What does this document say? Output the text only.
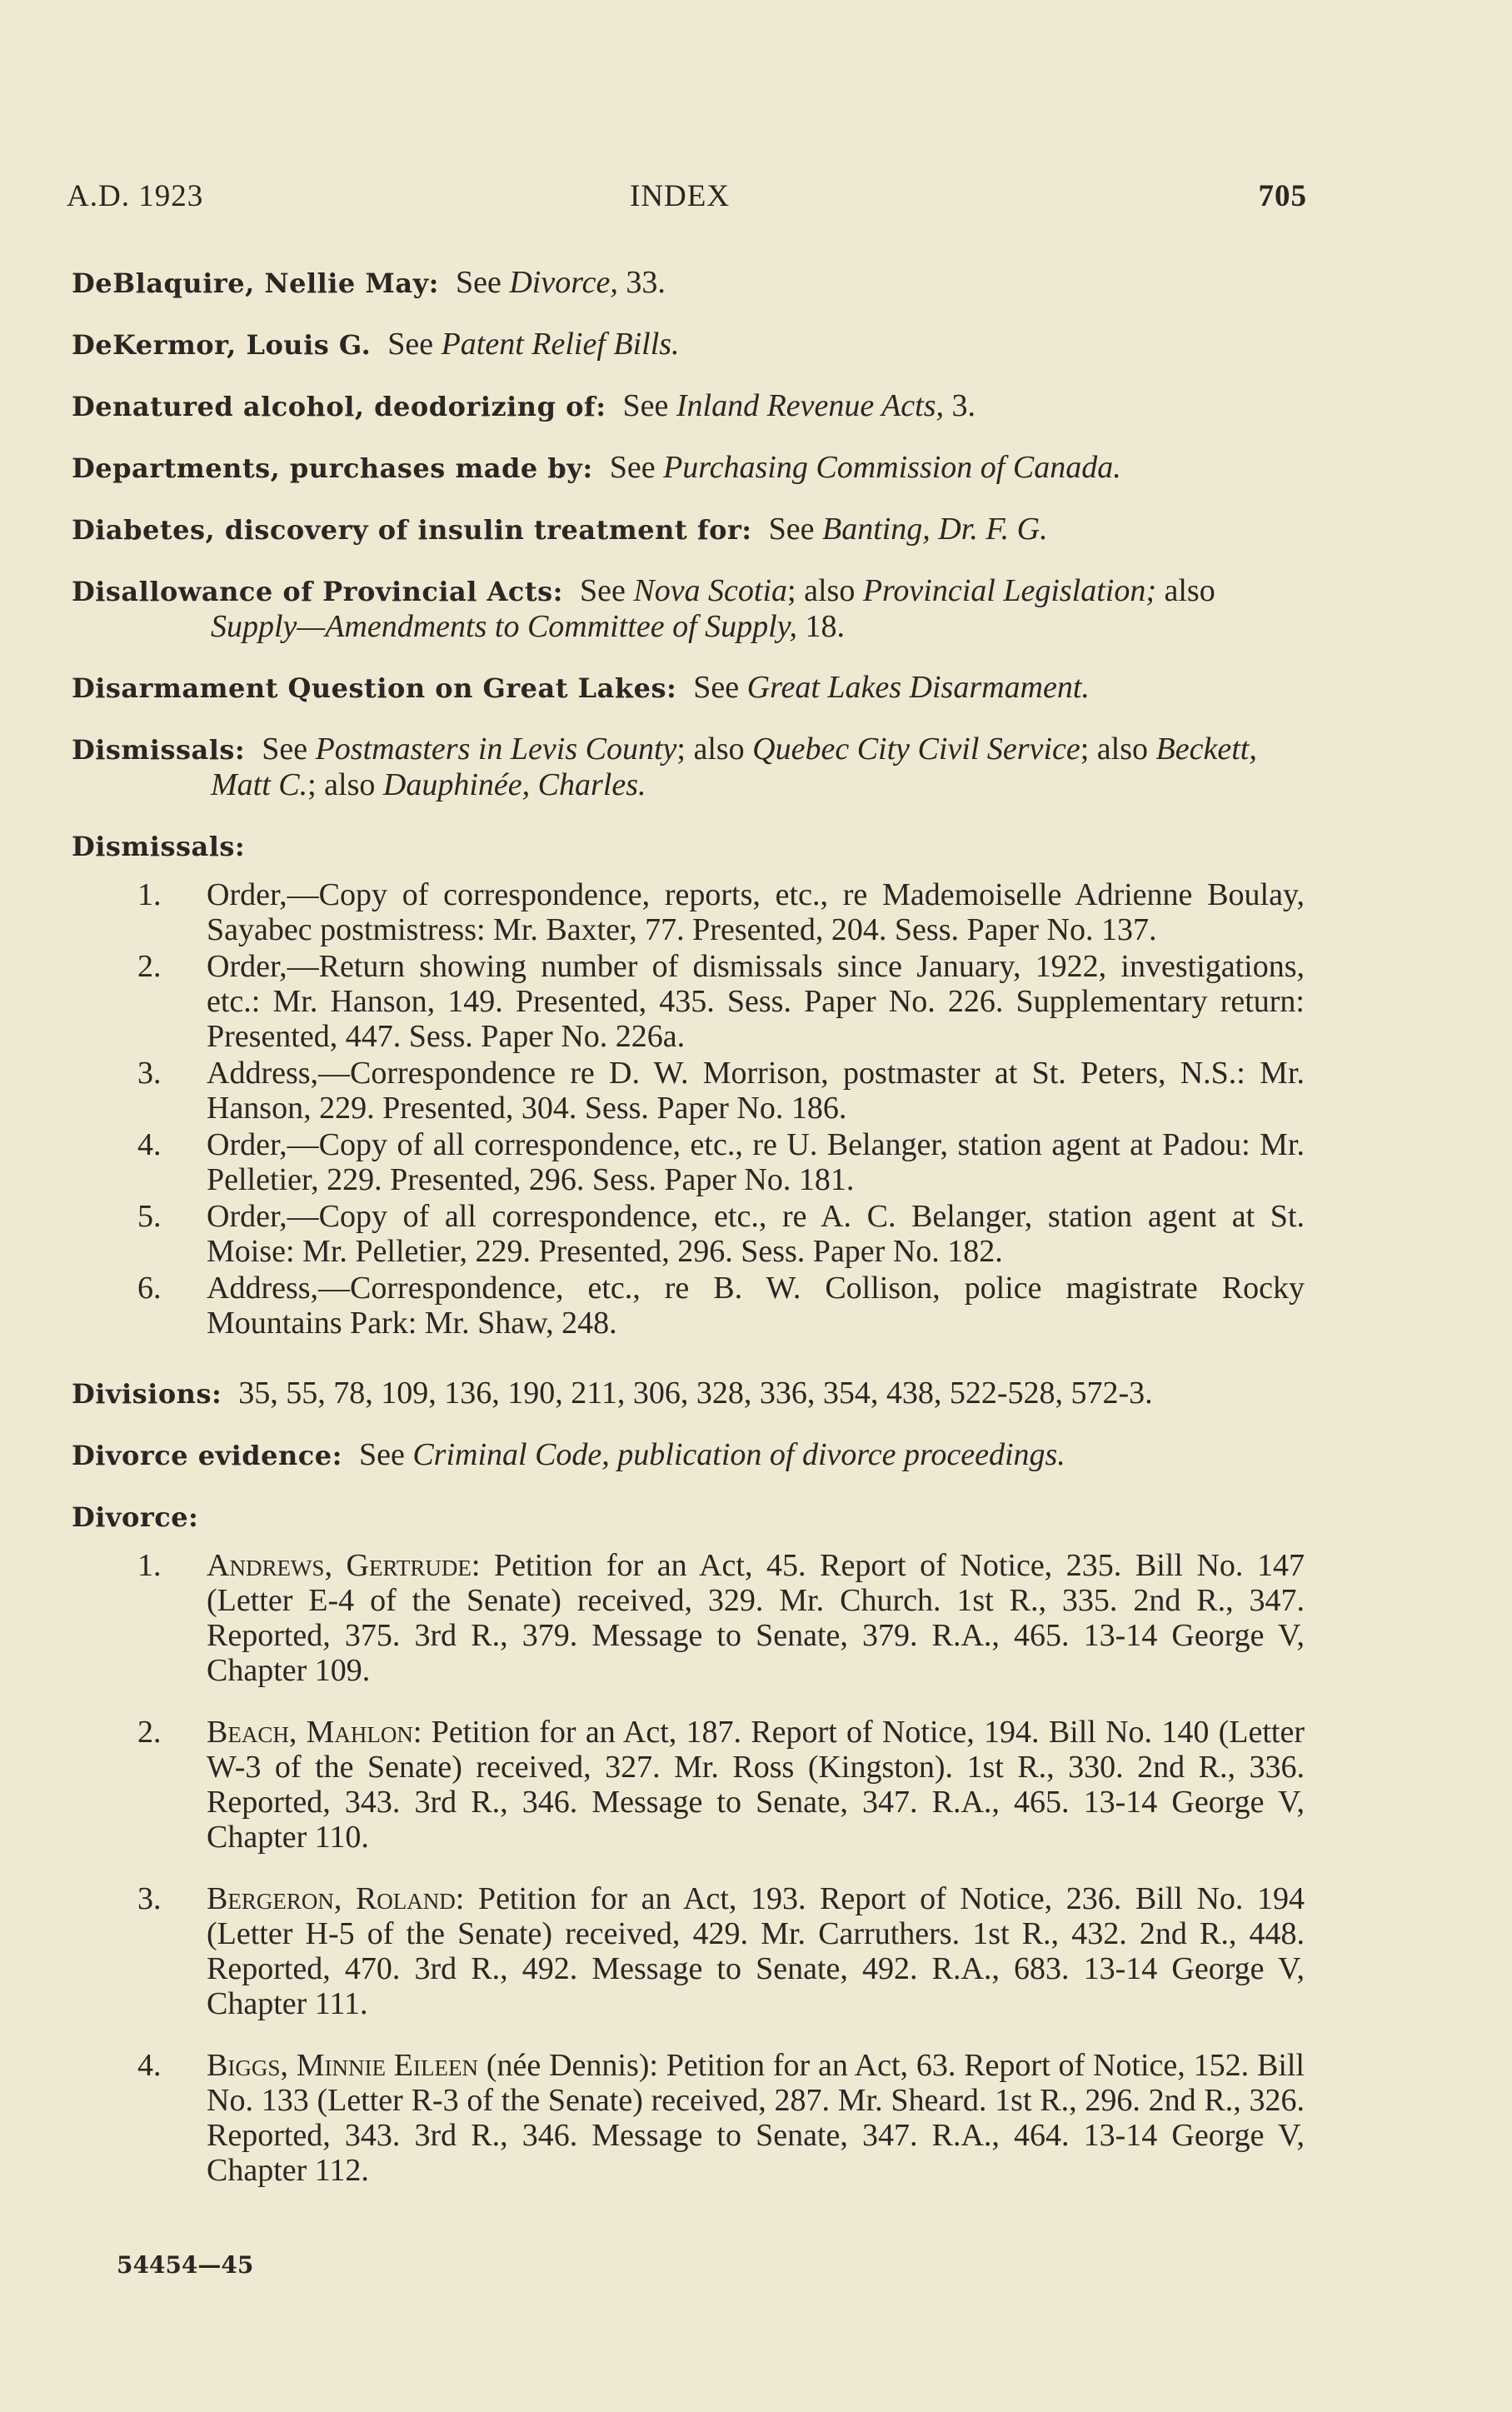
A.D. 1923	INDEX	705
DeBlaquire, Nellie May: See Divorce, 33.
DeKermor, Louis G. See Patent Relief Bills.
Denatured alcohol, deodorizing of: See Inland Revenue Acts, 3.
Departments, purchases made by: See Purchasing Commission of Canada.
Diabetes, discovery of insulin treatment for: See Banting, Dr. F. G.
Disallowance of Provincial Acts: See Nova Scotia; also Provincial Legislation; also Supply—Amendments to Committee of Supply, 18.
Disarmament Question on Great Lakes: See Great Lakes Disarmament.
Dismissals: See Postmasters in Levis County; also Quebec City Civil Service; also Beckett, Matt C.; also Dauphinée, Charles.
Dismissals:
1. Order,—Copy of correspondence, reports, etc., re Mademoiselle Adrienne Boulay, Sayabec postmistress: Mr. Baxter, 77. Presented, 204. Sess. Paper No. 137.
2. Order,—Return showing number of dismissals since January, 1922, investigations, etc.: Mr. Hanson, 149. Presented, 435. Sess. Paper No. 226. Supplementary return: Presented, 447. Sess. Paper No. 226a.
3. Address,—Correspondence re D. W. Morrison, postmaster at St. Peters, N.S.: Mr. Hanson, 229. Presented, 304. Sess. Paper No. 186.
4. Order,—Copy of all correspondence, etc., re U. Belanger, station agent at Padou: Mr. Pelletier, 229. Presented, 296. Sess. Paper No. 181.
5. Order,—Copy of all correspondence, etc., re A. C. Belanger, station agent at St. Moise: Mr. Pelletier, 229. Presented, 296. Sess. Paper No. 182.
6. Address,—Correspondence, etc., re B. W. Collison, police magistrate Rocky Mountains Park: Mr. Shaw, 248.
Divisions: 35, 55, 78, 109, 136, 190, 211, 306, 328, 336, 354, 438, 522-528, 572-3.
Divorce evidence: See Criminal Code, publication of divorce proceedings.
Divorce:
1. Andrews, Gertrude: Petition for an Act, 45. Report of Notice, 235. Bill No. 147 (Letter E-4 of the Senate) received, 329. Mr. Church. 1st R., 335. 2nd R., 347. Reported, 375. 3rd R., 379. Message to Senate, 379. R.A., 465. 13-14 George V, Chapter 109.
2. Beach, Mahlon: Petition for an Act, 187. Report of Notice, 194. Bill No. 140 (Letter W-3 of the Senate) received, 327. Mr. Ross (Kingston). 1st R., 330. 2nd R., 336. Reported, 343. 3rd R., 346. Message to Senate, 347. R.A., 465. 13-14 George V, Chapter 110.
3. Bergeron, Roland: Petition for an Act, 193. Report of Notice, 236. Bill No. 194 (Letter H-5 of the Senate) received, 429. Mr. Carruthers. 1st R., 432. 2nd R., 448. Reported, 470. 3rd R., 492. Message to Senate, 492. R.A., 683. 13-14 George V, Chapter 111.
4. Biggs, Minnie Eileen (née Dennis): Petition for an Act, 63. Report of Notice, 152. Bill No. 133 (Letter R-3 of the Senate) received, 287. Mr. Sheard. 1st R., 296. 2nd R., 326. Reported, 343. 3rd R., 346. Message to Senate, 347. R.A., 464. 13-14 George V, Chapter 112.
54454—45
